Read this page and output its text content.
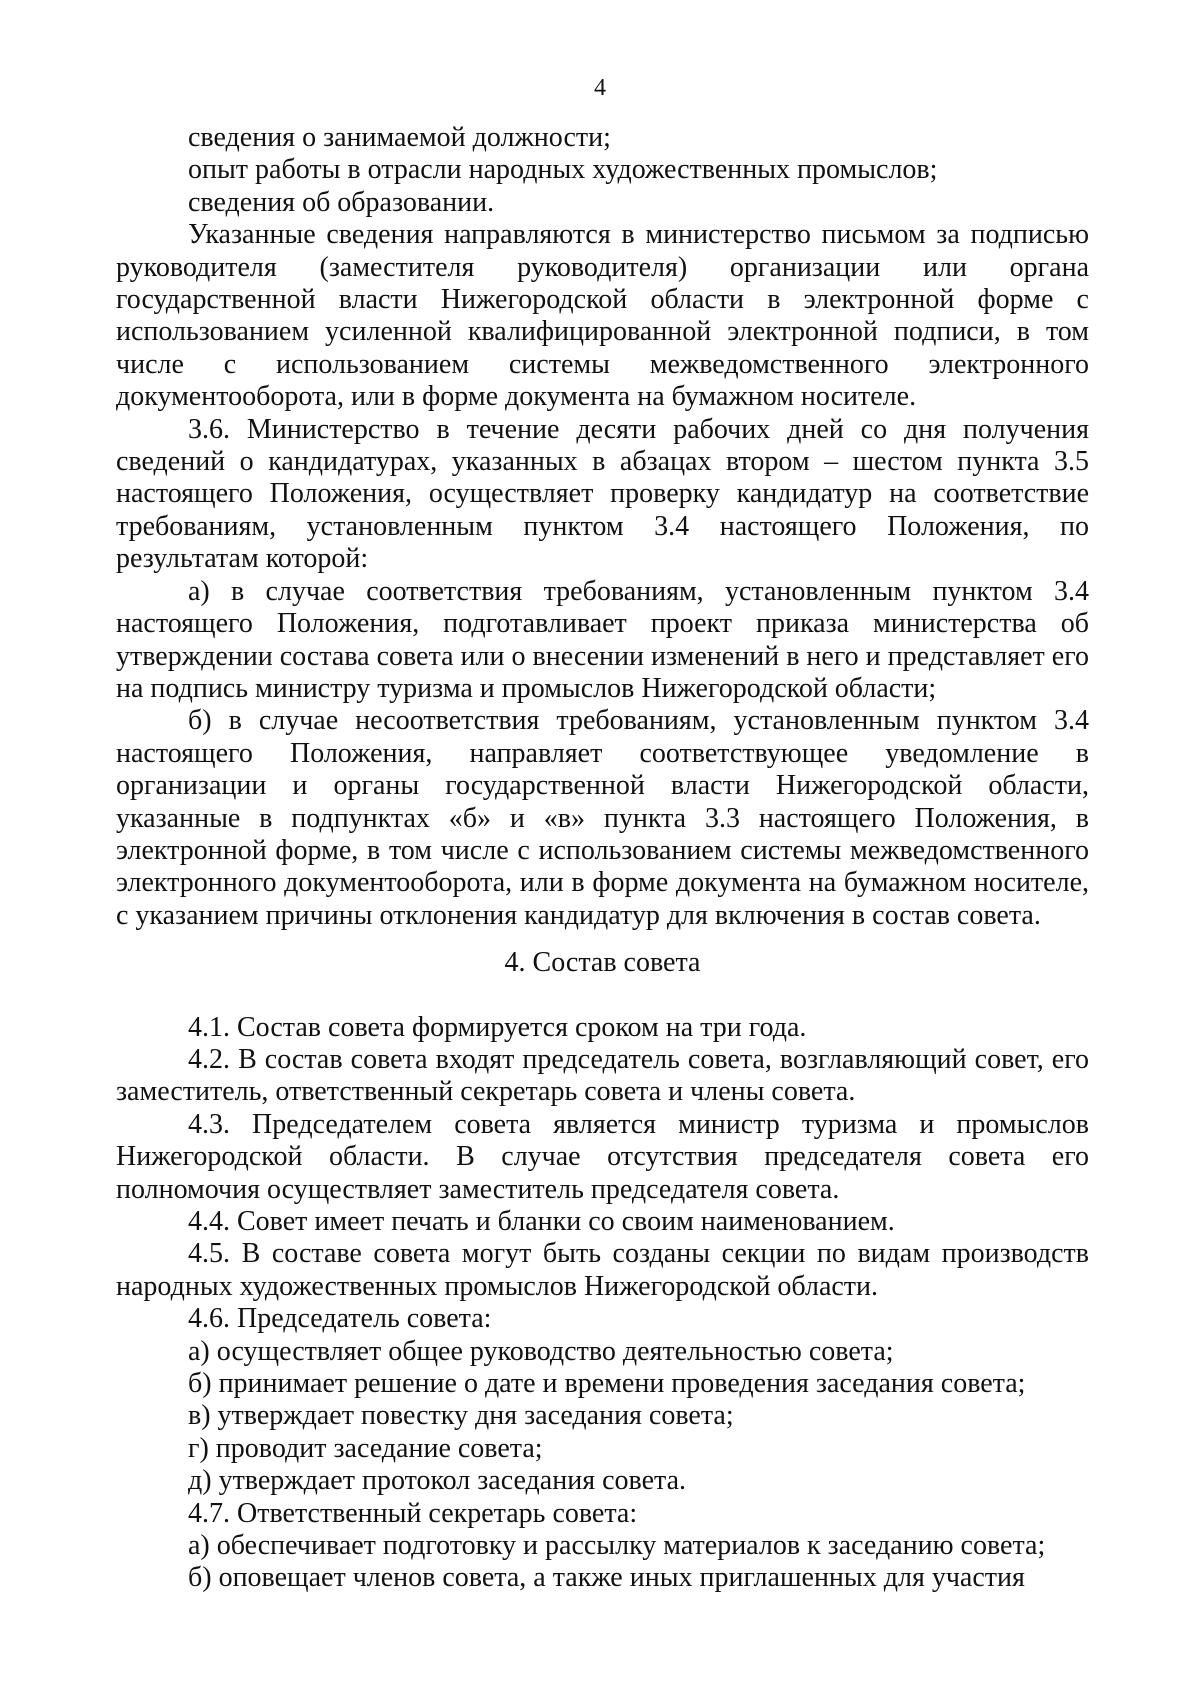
4

сведения о занимаемой должности;

опыт работы в отрасли народных художественных промыслов;

сведения об образовании.

Указанные сведения направляются в министерство письмом за подписью руководителя (заместителя руководителя) организации или органа государственной власти Нижегородской области в электронной форме с использованием усиленной квалифицированной электронной подписи, в том числе с использованием системы межведомственного электронного документооборота, или в форме документа на бумажном носителе.

3.6. Министерство в течение десяти рабочих дней со дня получения сведений о кандидатурах, указанных в абзацах втором – шестом пункта 3.5 настоящего Положения, осуществляет проверку кандидатур на соответствие требованиям, установленным пунктом 3.4 настоящего Положения, по результатам которой:

а) в случае соответствия требованиям, установленным пунктом 3.4 настоящего Положения, подготавливает проект приказа министерства об утверждении состава совета или о внесении изменений в него и представляет его на подпись министру туризма и промыслов Нижегородской области;

б) в случае несоответствия требованиям, установленным пунктом 3.4 настоящего Положения, направляет соответствующее уведомление в организации и органы государственной власти Нижегородской области, указанные в подпунктах «б» и «в» пункта 3.3 настоящего Положения, в электронной форме, в том числе с использованием системы межведомственного электронного документооборота, или в форме документа на бумажном носителе, с указанием причины отклонения кандидатур для включения в состав совета.

4. Состав совета

4.1. Состав совета формируется сроком на три года.

4.2. В состав совета входят председатель совета, возглавляющий совет, его заместитель, ответственный секретарь совета и члены совета.

4.3. Председателем совета является министр туризма и промыслов Нижегородской области. В случае отсутствия председателя совета его полномочия осуществляет заместитель председателя совета.

4.4. Совет имеет печать и бланки со своим наименованием.

4.5. В составе совета могут быть созданы секции по видам производств народных художественных промыслов Нижегородской области.

4.6. Председатель совета:

а) осуществляет общее руководство деятельностью совета;

б) принимает решение о дате и времени проведения заседания совета;

в) утверждает повестку дня заседания совета;

г) проводит заседание совета;

д) утверждает протокол заседания совета.

4.7. Ответственный секретарь совета:

а) обеспечивает подготовку и рассылку материалов к заседанию совета;

б) оповещает членов совета, а также иных приглашенных для участия
